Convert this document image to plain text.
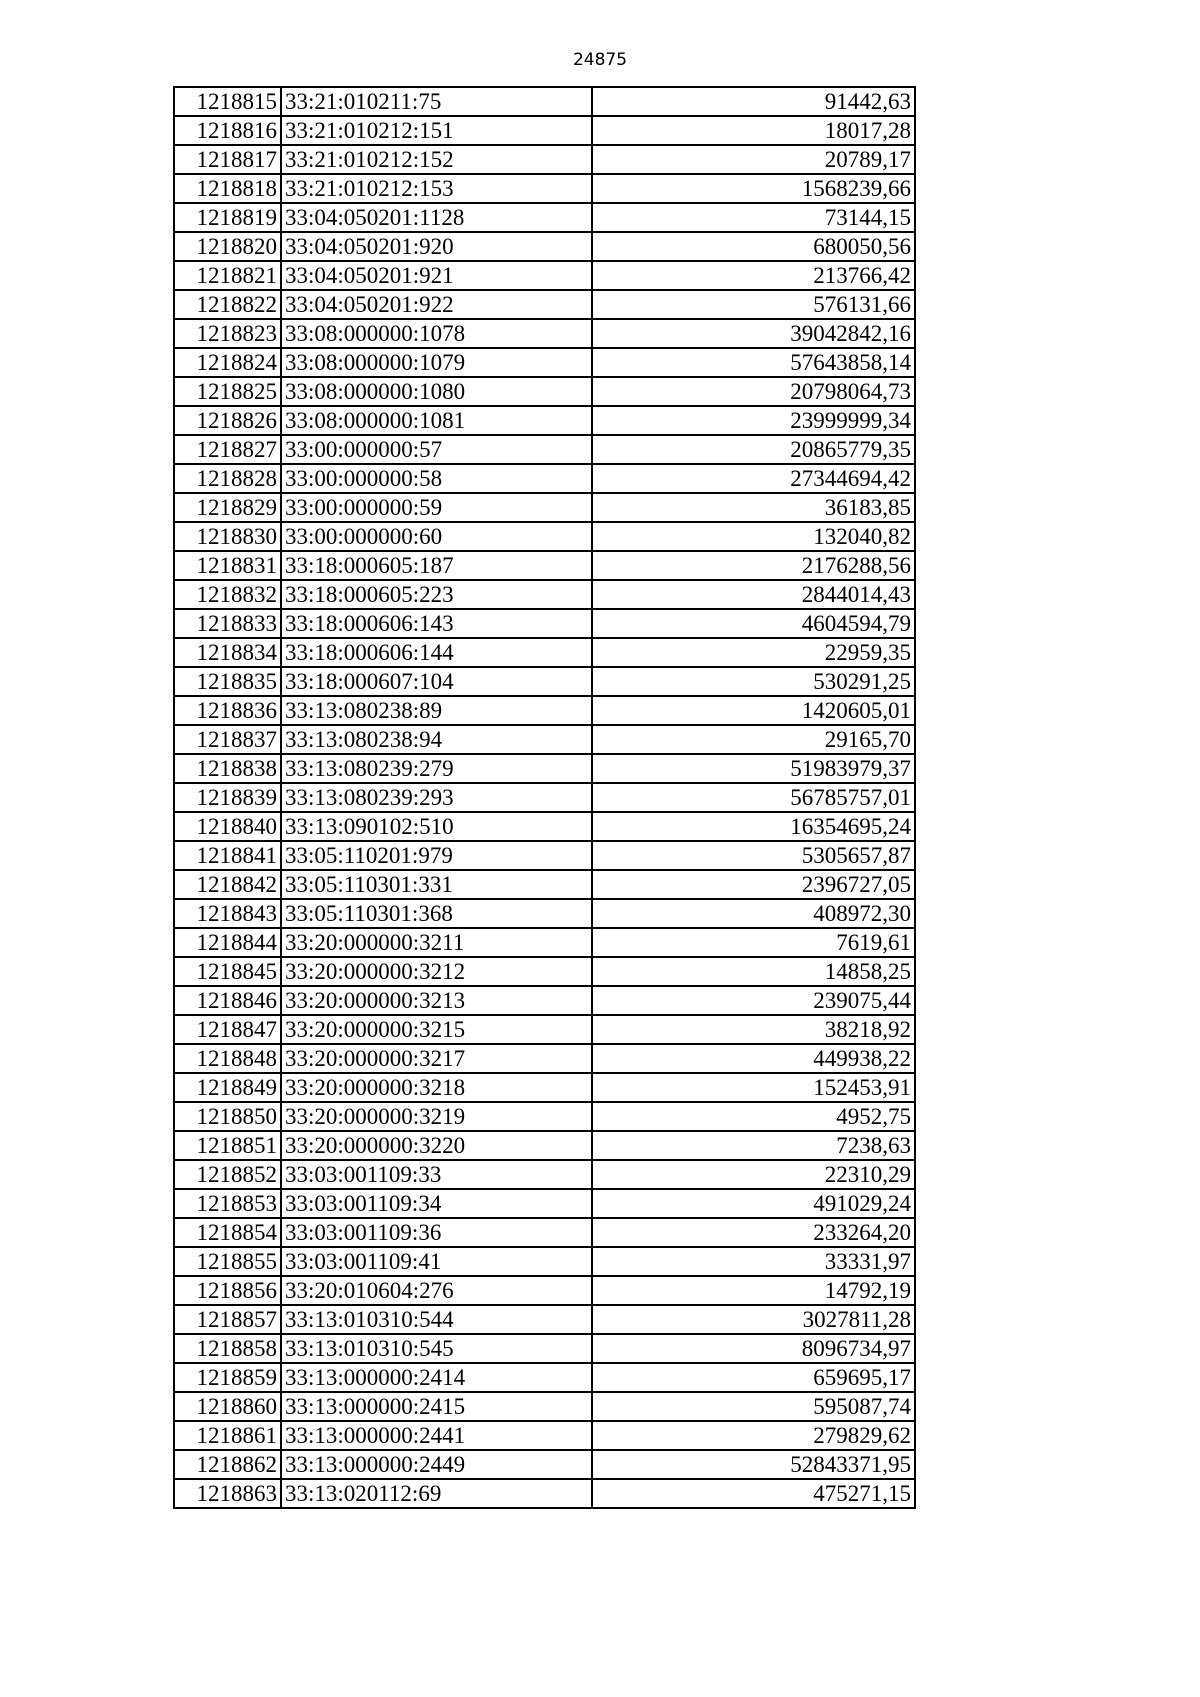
24875
1218815	33:21:010211:75	91442,63
1218816	33:21:010212:151	18017,28
1218817	33:21:010212:152	20789,17
1218818	33:21:010212:153	1568239,66
1218819	33:04:050201:1128	73144,15
1218820	33:04:050201:920	680050,56
1218821	33:04:050201:921	213766,42
1218822	33:04:050201:922	576131,66
1218823	33:08:000000:1078	39042842,16
1218824	33:08:000000:1079	57643858,14
1218825	33:08:000000:1080	20798064,73
1218826	33:08:000000:1081	23999999,34
1218827	33:00:000000:57	20865779,35
1218828	33:00:000000:58	27344694,42
1218829	33:00:000000:59	36183,85
1218830	33:00:000000:60	132040,82
1218831	33:18:000605:187	2176288,56
1218832	33:18:000605:223	2844014,43
1218833	33:18:000606:143	4604594,79
1218834	33:18:000606:144	22959,35
1218835	33:18:000607:104	530291,25
1218836	33:13:080238:89	1420605,01
1218837	33:13:080238:94	29165,70
1218838	33:13:080239:279	51983979,37
1218839	33:13:080239:293	56785757,01
1218840	33:13:090102:510	16354695,24
1218841	33:05:110201:979	5305657,87
1218842	33:05:110301:331	2396727,05
1218843	33:05:110301:368	408972,30
1218844	33:20:000000:3211	7619,61
1218845	33:20:000000:3212	14858,25
1218846	33:20:000000:3213	239075,44
1218847	33:20:000000:3215	38218,92
1218848	33:20:000000:3217	449938,22
1218849	33:20:000000:3218	152453,91
1218850	33:20:000000:3219	4952,75
1218851	33:20:000000:3220	7238,63
1218852	33:03:001109:33	22310,29
1218853	33:03:001109:34	491029,24
1218854	33:03:001109:36	233264,20
1218855	33:03:001109:41	33331,97
1218856	33:20:010604:276	14792,19
1218857	33:13:010310:544	3027811,28
1218858	33:13:010310:545	8096734,97
1218859	33:13:000000:2414	659695,17
1218860	33:13:000000:2415	595087,74
1218861	33:13:000000:2441	279829,62
1218862	33:13:000000:2449	52843371,95
1218863	33:13:020112:69	475271,15
